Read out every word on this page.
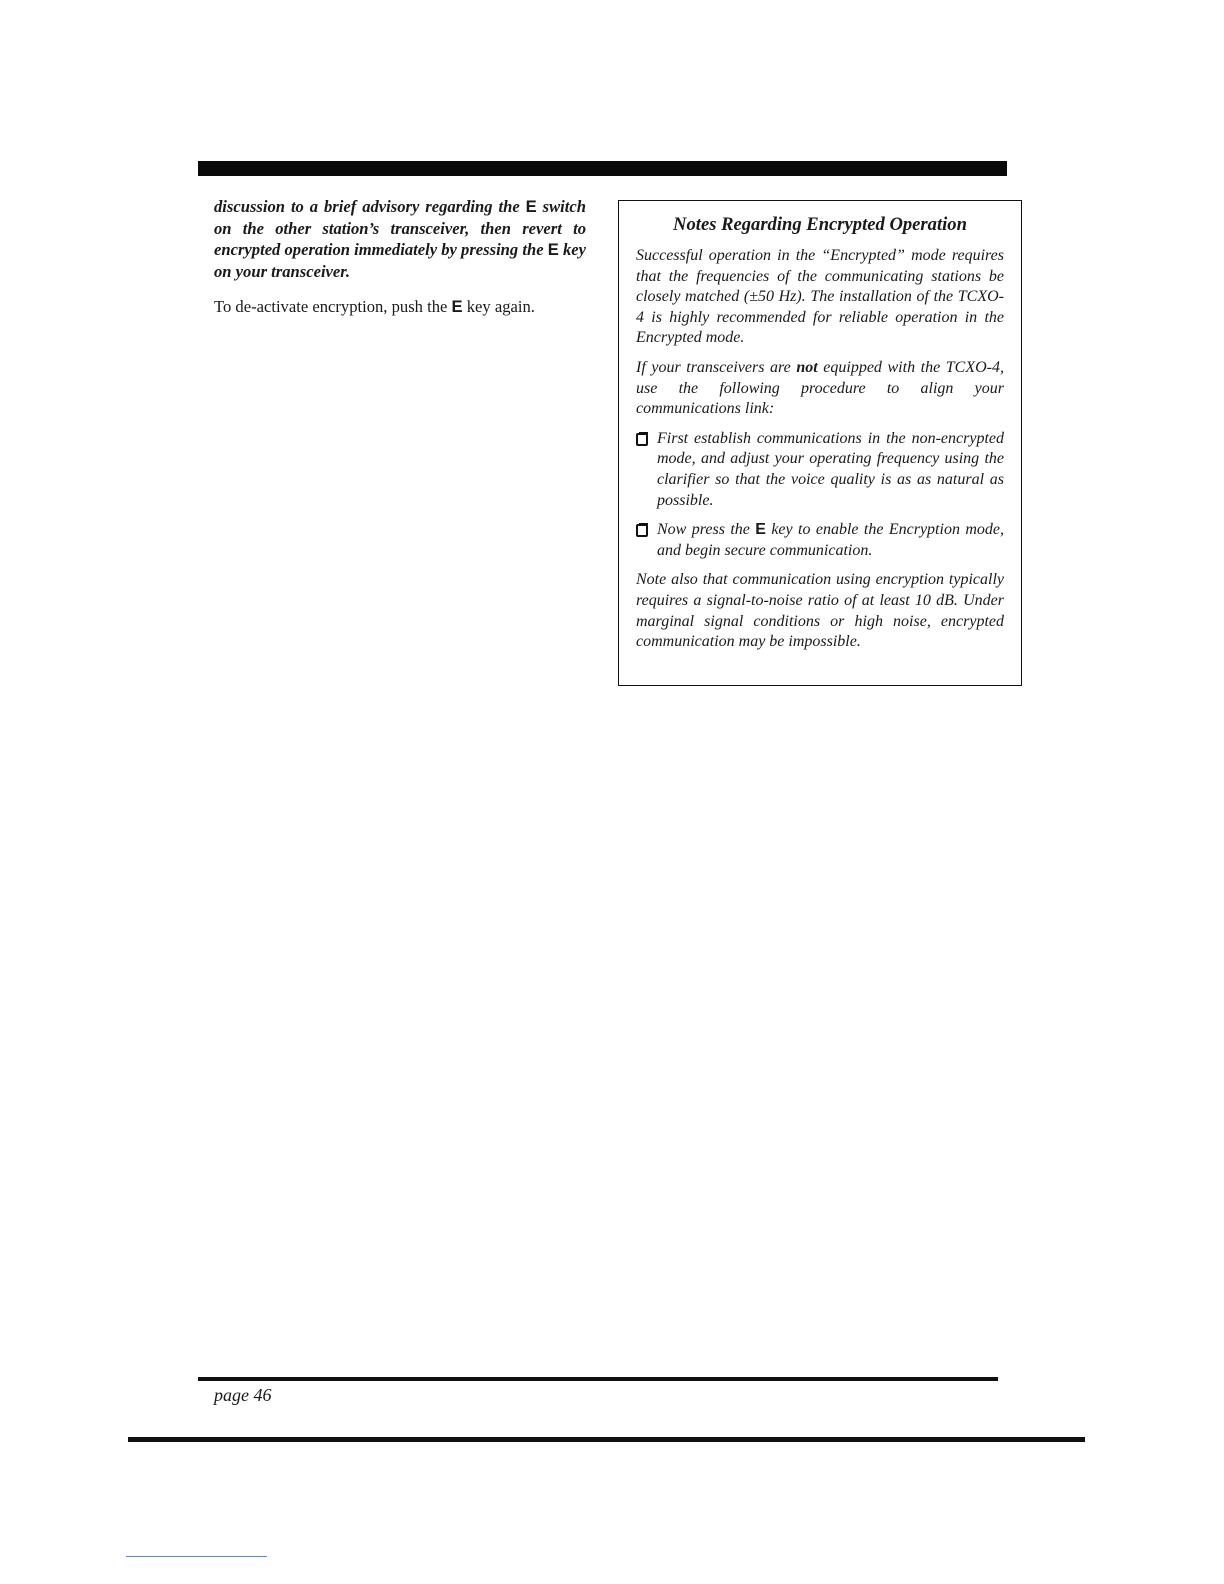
discussion to a brief advisory regarding the E switch on the other station’s transceiver, then revert to encrypted operation immediately by pressing the E key on your transceiver.

To de-activate encryption, push the E key again.

Notes Regarding Encrypted Operation

Successful operation in the “Encrypted” mode requires that the frequencies of the communicating stations be closely matched (±50 Hz). The installation of the TCXO-4 is highly recommended for reliable operation in the Encrypted mode.

If your transceivers are not equipped with the TCXO-4, use the following procedure to align your communications link:

First establish communications in the non-encrypted mode, and adjust your operating frequency using the clarifier so that the voice quality is as as natural as possible.
Now press the E key to enable the Encryption mode, and begin secure communication.

Note also that communication using encryption typically requires a signal-to-noise ratio of at least 10 dB. Under marginal signal conditions or high noise, encrypted communication may be impossible.

page 46
